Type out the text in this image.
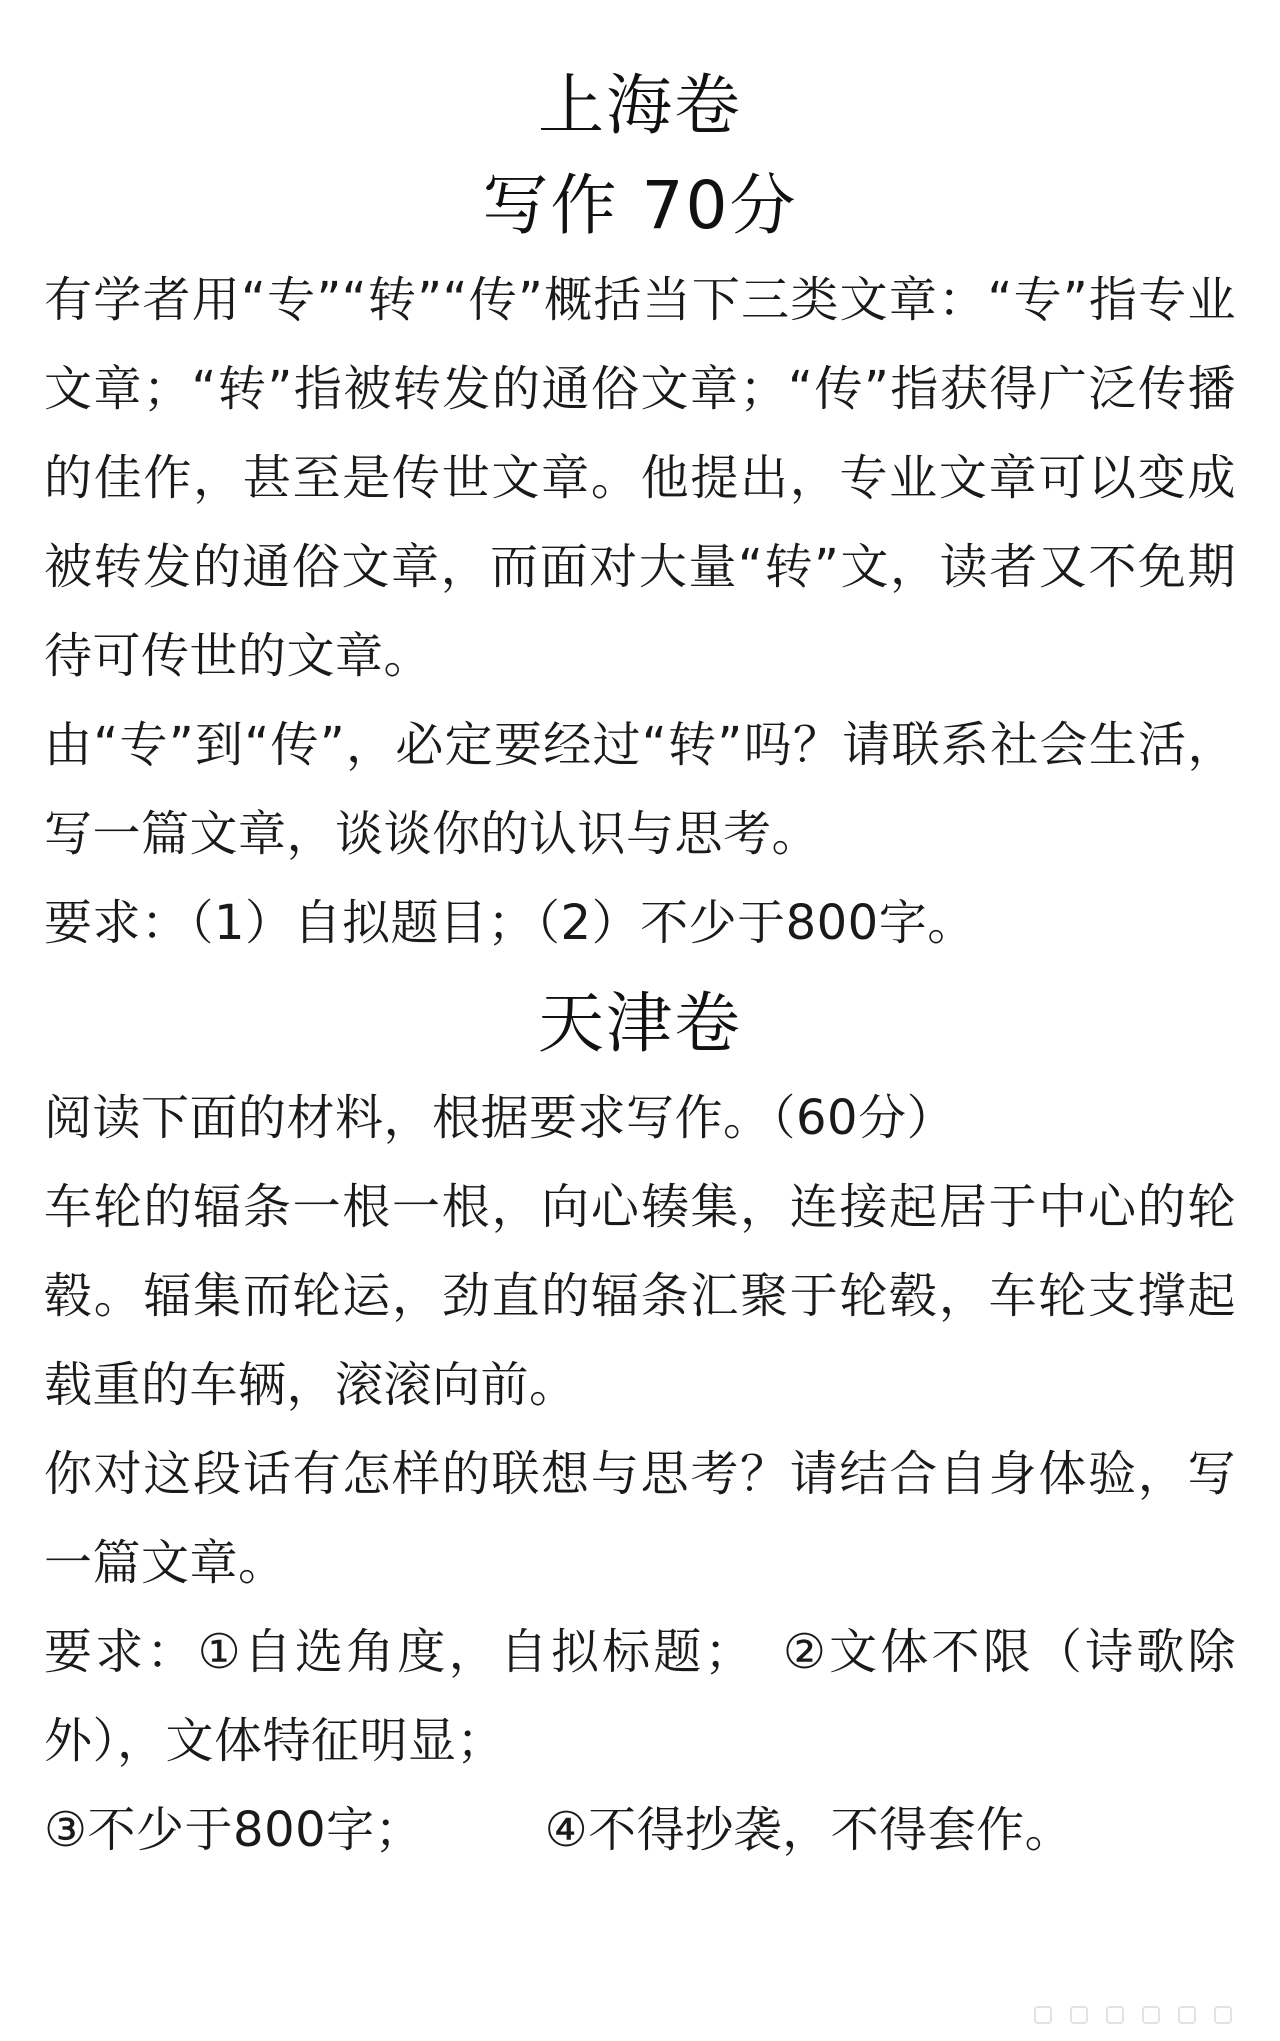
上海卷
写作 70分

有学者用“专”“转”“传”概括当下三类文章：“专”指专业文章；“转”指被转发的通俗文章；“传”指获得广泛传播的佳作，甚至是传世文章。他提出，专业文章可以变成被转发的通俗文章，而面对大量“转”文，读者又不免期待可传世的文章。

由“专”到“传”，必定要经过“转”吗？请联系社会生活，写一篇文章，谈谈你的认识与思考。

要求：（1）自拟题目；（2）不少于800字。

天津卷

阅读下面的材料，根据要求写作。（60分）

车轮的辐条一根一根，向心辏集，连接起居于中心的轮毂。辐集而轮运，劲直的辐条汇聚于轮毂，车轮支撑起载重的车辆，滚滚向前。

你对这段话有怎样的联想与思考？请结合自身体验，写一篇文章。

要求：①自选角度，自拟标题；　②文体不限（诗歌除外），文体特征明显；

③不少于800字；　　　④不得抄袭，不得套作。
